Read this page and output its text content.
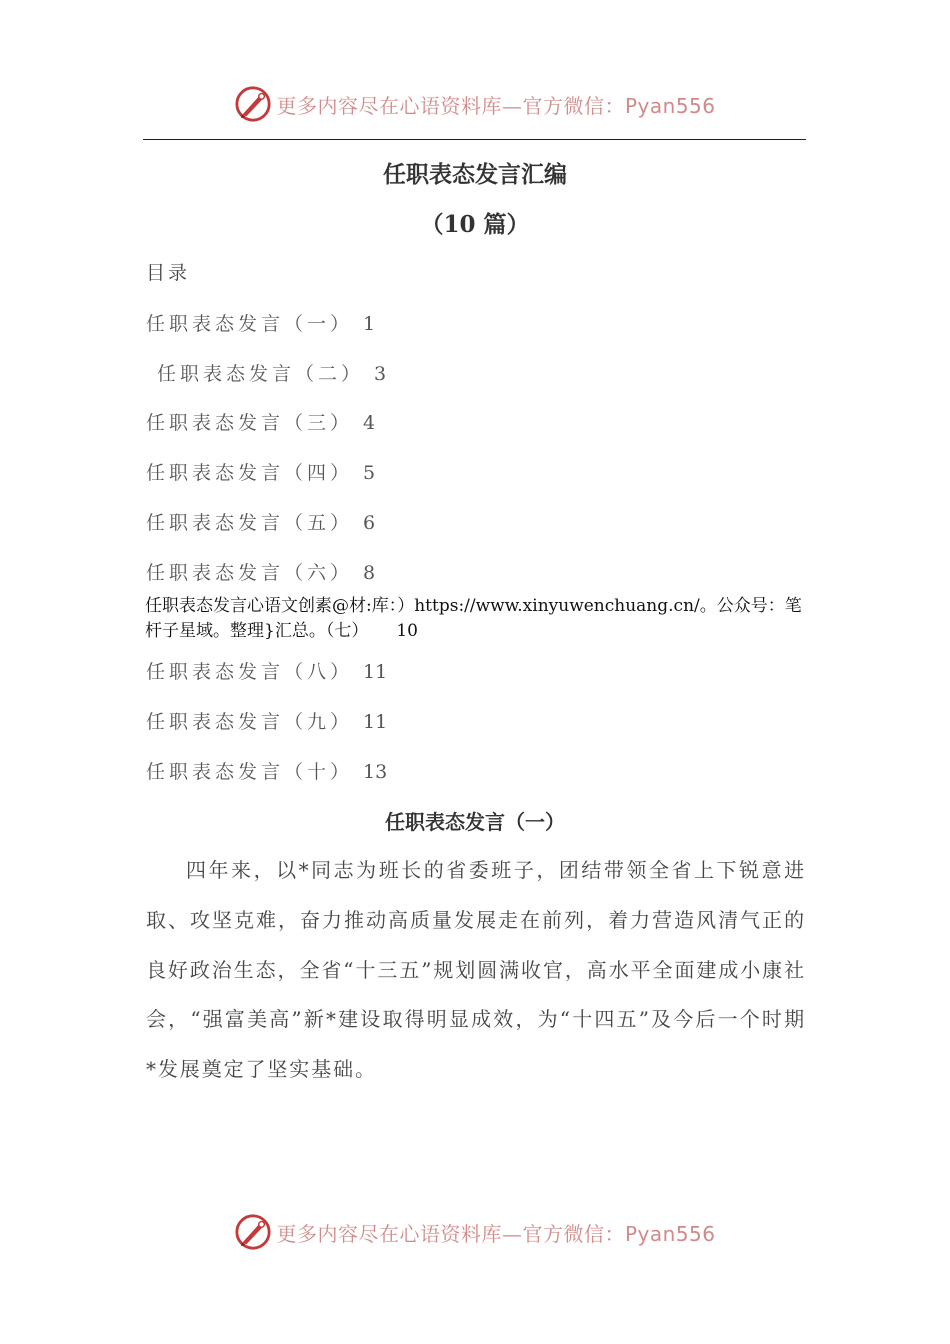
更多内容尽在心语资料库—官方微信：Pyan556
任职表态发言汇编
（10 篇）
目录
任职表态发言（一） 1
任职表态发言（二） 3
任职表态发言（三） 4
任职表态发言（四） 5
任职表态发言（五） 6
任职表态发言（六） 8
任职表态发言心语文创素@材:库：）https://www.xinyuwenchuang.cn/。公众号：笔杆子星域。整理}汇总。（七） 10
任职表态发言（八） 11
任职表态发言（九） 11
任职表态发言（十） 13
任职表态发言（一）
四年来，以*同志为班长的省委班子，团结带领全省上下锐意进取、攻坚克难，奋力推动高质量发展走在前列，着力营造风清气正的良好政治生态，全省“十三五”规划圆满收官，高水平全面建成小康社会，“强富美高”新*建设取得明显成效，为“十四五”及今后一个时期*发展奠定了坚实基础。
更多内容尽在心语资料库—官方微信：Pyan556
